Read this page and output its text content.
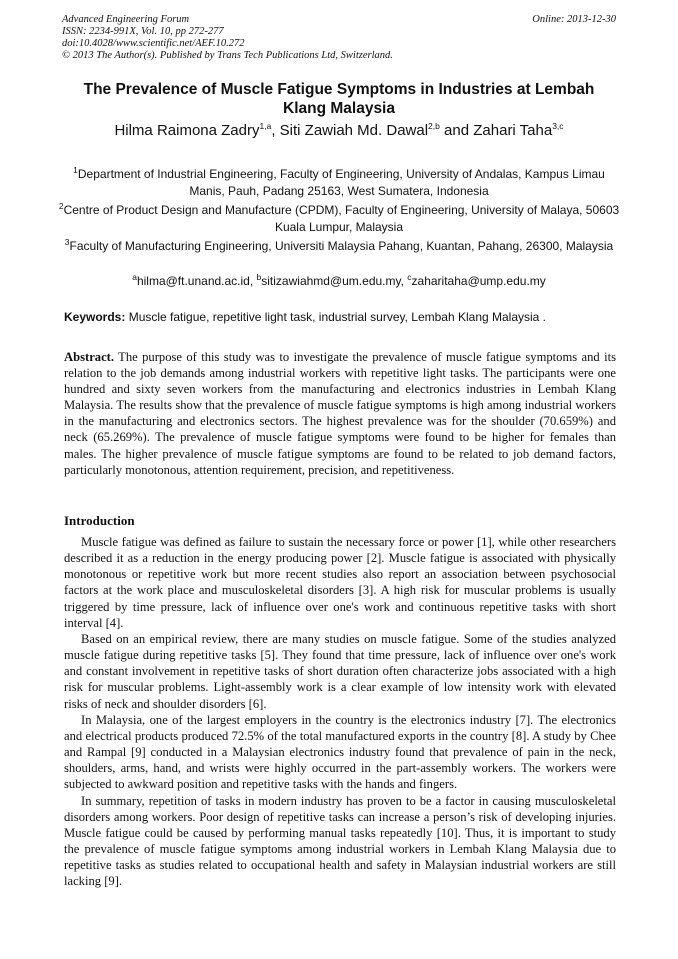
Advanced Engineering Forum	Online: 2013-12-30
ISSN: 2234-991X, Vol. 10, pp 272-277
doi:10.4028/www.scientific.net/AEF.10.272
© 2013 The Author(s). Published by Trans Tech Publications Ltd, Switzerland.
The Prevalence of Muscle Fatigue Symptoms in Industries at Lembah Klang Malaysia
Hilma Raimona Zadry$^{1,a}$, Siti Zawiah Md. Dawal$^{2,b}$ and Zahari Taha$^{3,c}$
$^1$Department of Industrial Engineering, Faculty of Engineering, University of Andalas, Kampus Limau Manis, Pauh, Padang 25163, West Sumatera, Indonesia
$^2$Centre of Product Design and Manufacture (CPDM), Faculty of Engineering, University of Malaya, 50603 Kuala Lumpur, Malaysia
$^3$Faculty of Manufacturing Engineering, Universiti Malaysia Pahang, Kuantan, Pahang, 26300, Malaysia
$^a$hilma@ft.unand.ac.id, $^b$sitizawiahmd@um.edu.my, $^c$zaharitaha@ump.edu.my
Keywords: Muscle fatigue, repetitive light task, industrial survey, Lembah Klang Malaysia .
Abstract. The purpose of this study was to investigate the prevalence of muscle fatigue symptoms and its relation to the job demands among industrial workers with repetitive light tasks. The participants were one hundred and sixty seven workers from the manufacturing and electronics industries in Lembah Klang Malaysia. The results show that the prevalence of muscle fatigue symptoms is high among industrial workers in the manufacturing and electronics sectors. The highest prevalence was for the shoulder (70.659%) and neck (65.269%). The prevalence of muscle fatigue symptoms were found to be higher for females than males. The higher prevalence of muscle fatigue symptoms are found to be related to job demand factors, particularly monotonous, attention requirement, precision, and repetitiveness.
Introduction

Muscle fatigue was defined as failure to sustain the necessary force or power [1], while other researchers described it as a reduction in the energy producing power [2]. Muscle fatigue is associated with physically monotonous or repetitive work but more recent studies also report an association between psychosocial factors at the work place and musculoskeletal disorders [3]. A high risk for muscular problems is usually triggered by time pressure, lack of influence over one's work and continuous repetitive tasks with short interval [4].

Based on an empirical review, there are many studies on muscle fatigue. Some of the studies analyzed muscle fatigue during repetitive tasks [5]. They found that time pressure, lack of influence over one's work and constant involvement in repetitive tasks of short duration often characterize jobs associated with a high risk for muscular problems. Light-assembly work is a clear example of low intensity work with elevated risks of neck and shoulder disorders [6].

In Malaysia, one of the largest employers in the country is the electronics industry [7]. The electronics and electrical products produced 72.5% of the total manufactured exports in the country [8]. A study by Chee and Rampal [9] conducted in a Malaysian electronics industry found that prevalence of pain in the neck, shoulders, arms, hand, and wrists were highly occurred in the part-assembly workers. The workers were subjected to awkward position and repetitive tasks with the hands and fingers.

In summary, repetition of tasks in modern industry has proven to be a factor in causing musculoskeletal disorders among workers. Poor design of repetitive tasks can increase a person’s risk of developing injuries. Muscle fatigue could be caused by performing manual tasks repeatedly [10]. Thus, it is important to study the prevalence of muscle fatigue symptoms among industrial workers in Lembah Klang Malaysia due to repetitive tasks as studies related to occupational health and safety in Malaysian industrial workers are still lacking [9].
